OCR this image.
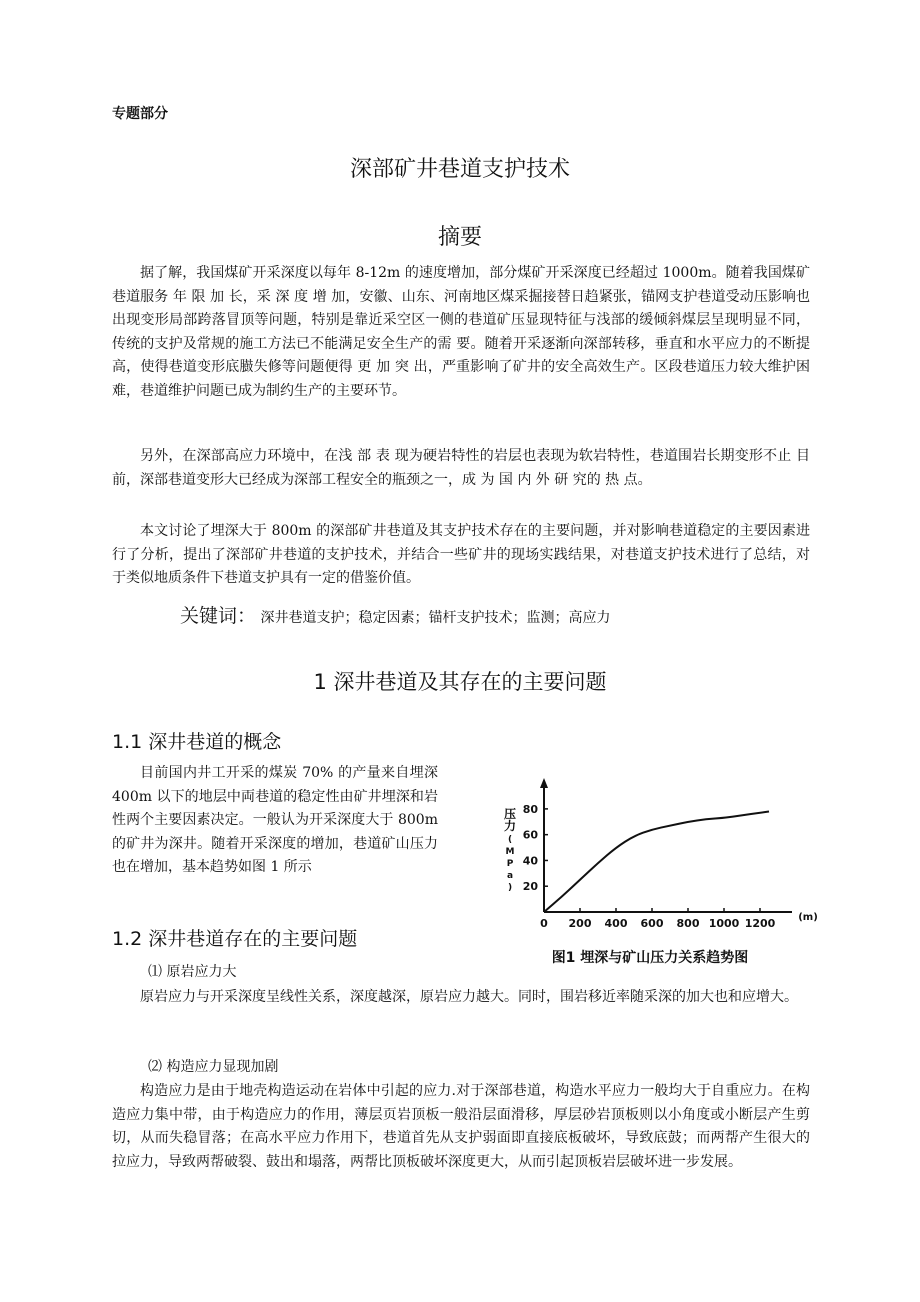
专题部分
深部矿井巷道支护技术
摘要

据了解，我国煤矿开采深度以每年 8-12m 的速度增加，部分煤矿开采深度已经超过 1000m。随着我国煤矿巷道服务 年 限 加 长，采 深 度 增 加，安徽、山东、河南地区煤采掘接替日趋紧张，锚网支护巷道受动压影响也出现变形局部跨落冒顶等问题，特别是靠近采空区一侧的巷道矿压显现特征与浅部的缓倾斜煤层呈现明显不同，传统的支护及常规的施工方法已不能满足安全生产的需 要。随着开采逐渐向深部转移，垂直和水平应力的不断提高，使得巷道变形底臌失修等问题便得 更 加 突 出，严重影响了矿井的安全高效生产。区段巷道压力较大维护困难，巷道维护问题已成为制约生产的主要环节。

另外，在深部高应力环境中，在浅 部 表 现为硬岩特性的岩层也表现为软岩特性，巷道围岩长期变形不止 目前，深部巷道变形大已经成为深部工程安全的瓶颈之一，成 为 国 内 外 研 究的 热 点。

本文讨论了埋深大于 800m 的深部矿井巷道及其支护技术存在的主要问题，并对影响巷道稳定的主要因素进行了分析，提出了深部矿井巷道的支护技术，并结合一些矿井的现场实践结果，对巷道支护技术进行了总结，对于类似地质条件下巷道支护具有一定的借鉴价值。

关键词： 深井巷道支护；稳定因素；锚杆支护技术；监测；高应力
1 深井巷道及其存在的主要问题
1.1 深井巷道的概念

目前国内井工开采的煤炭 70% 的产量来自埋深 400m 以下的地层中両巷道的稳定性由矿井埋深和岩性两个主要因素决定。一般认为开采深度大于 800m 的矿井为深井。随着开采深度的增加，巷道矿山压力也在增加，基本趋势如图 1 所示

0 200 400 600 800 1000 1200 (m)
20
40
60
80
压
力
(
M
P
a
)
图1 埋深与矿山压力关系趋势图
1.2 深井巷道存在的主要问题
⑴ 原岩应力大

原岩应力与开采深度呈线性关系，深度越深，原岩应力越大。同时，围岩移近率随采深的加大也和应增大。

⑵ 构造应力显现加剧

构造应力是由于地壳构造运动在岩体中引起的应力.对于深部巷道，构造水平应力一般均大于自重应力。在构造应力集中带，由于构造应力的作用，薄层页岩顶板一般沿层面滑移，厚层砂岩顶板则以小角度或小断层产生剪切，从而失稳冒落；在高水平应力作用下，巷道首先从支护弱面即直接底板破坏，导致底鼓；而两帮产生很大的拉应力，导致两帮破裂、鼓出和塌落，两帮比顶板破坏深度更大，从而引起顶板岩层破坏进一步发展。
